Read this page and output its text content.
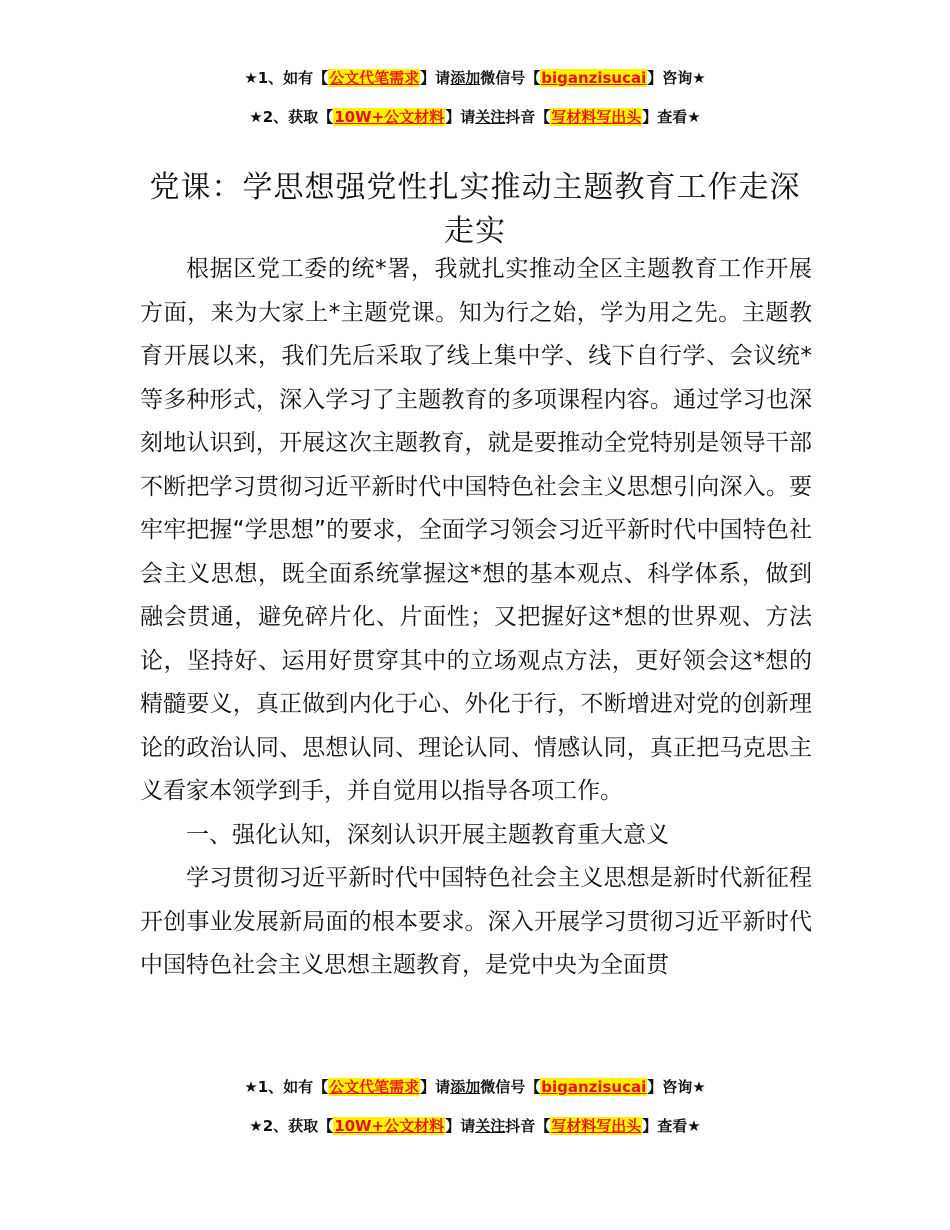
★1、如有【公文代笔需求】请添加微信号【biganzisucai】咨询★
★2、获取【10W+公文材料】请关注抖音【写材料写出头】查看★
党课：学思想强党性扎实推动主题教育工作走深走实

根据区党工委的统*署，我就扎实推动全区主题教育工作开展方面，来为大家上*主题党课。知为行之始，学为用之先。主题教育开展以来，我们先后采取了线上集中学、线下自行学、会议统*等多种形式，深入学习了主题教育的多项课程内容。通过学习也深刻地认识到，开展这次主题教育，就是要推动全党特别是领导干部不断把学习贯彻习近平新时代中国特色社会主义思想引向深入。要牢牢把握“学思想”的要求，全面学习领会习近平新时代中国特色社会主义思想，既全面系统掌握这*想的基本观点、科学体系，做到融会贯通，避免碎片化、片面性；又把握好这*想的世界观、方法论，坚持好、运用好贯穿其中的立场观点方法，更好领会这*想的精髓要义，真正做到内化于心、外化于行，不断增进对党的创新理论的政治认同、思想认同、理论认同、情感认同，真正把马克思主义看家本领学到手，并自觉用以指导各项工作。

一、强化认知，深刻认识开展主题教育重大意义

学习贯彻习近平新时代中国特色社会主义思想是新时代新征程开创事业发展新局面的根本要求。深入开展学习贯彻习近平新时代中国特色社会主义思想主题教育，是党中央为全面贯

★1、如有【公文代笔需求】请添加微信号【biganzisucai】咨询★
★2、获取【10W+公文材料】请关注抖音【写材料写出头】查看★
